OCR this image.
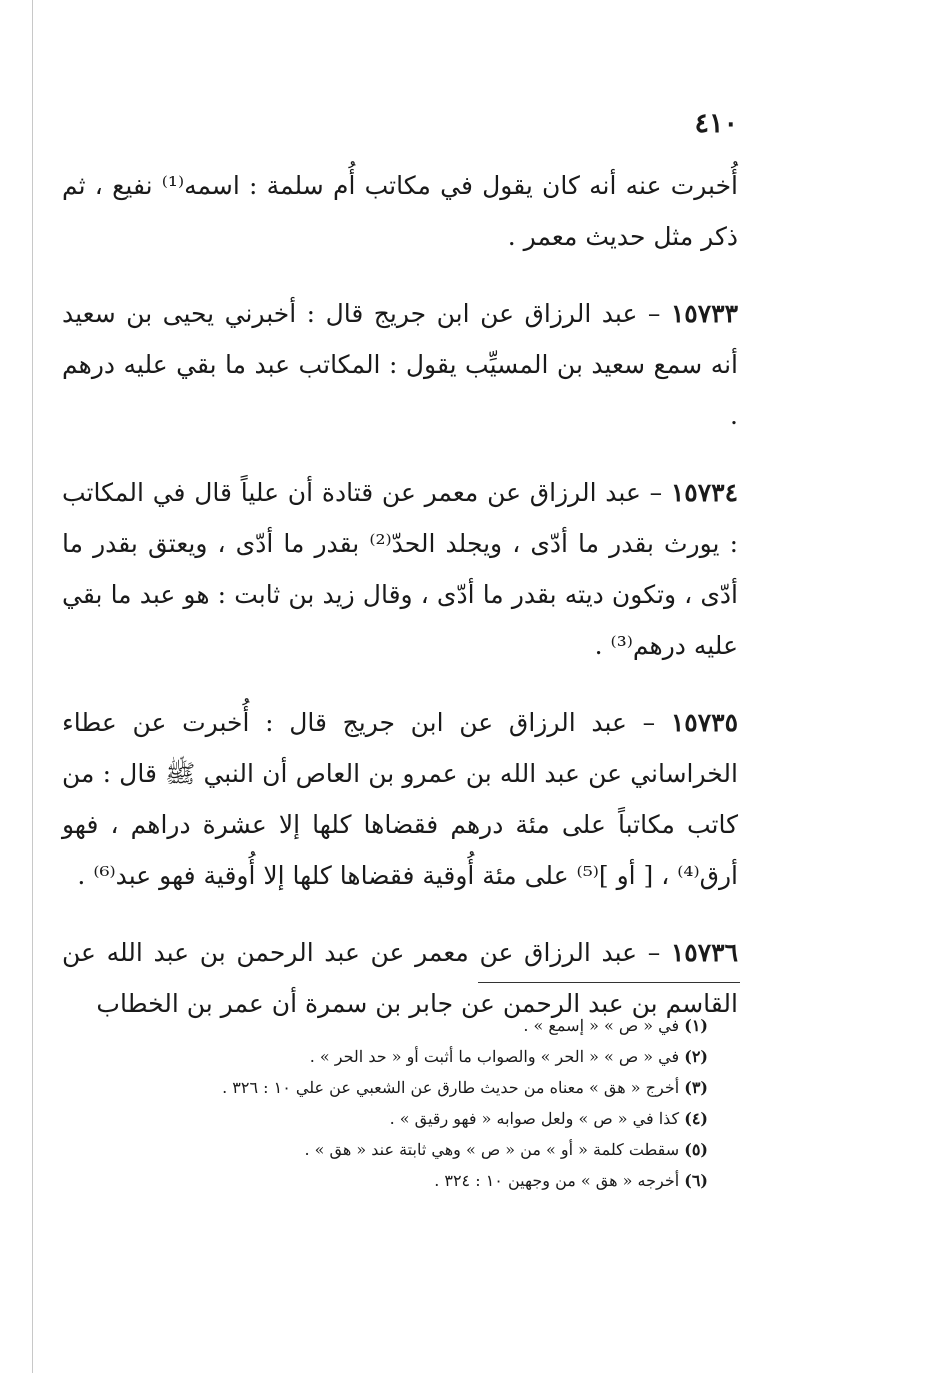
٤١٠

أُخبرت عنه أنه كان يقول في مكاتب أُم سلمة : اسمه⁽¹⁾ نفيع ، ثم ذكر مثل حديث معمر .

١٥٧٣٣ – عبد الرزاق عن ابن جريج قال : أخبرني يحيى بن سعيد أنه سمع سعيد بن المسيِّب يقول : المكاتب عبد ما بقي عليه درهم .

١٥٧٣٤ – عبد الرزاق عن معمر عن قتادة أن علياً قال في المكاتب : يورث بقدر ما أدّى ، ويجلد الحدّ⁽²⁾ بقدر ما أدّى ، ويعتق بقدر ما أدّى ، وتكون ديته بقدر ما أدّى ، وقال زيد بن ثابت : هو عبد ما بقي عليه درهم⁽³⁾ .

١٥٧٣٥ – عبد الرزاق عن ابن جريج قال : أُخبرت عن عطاء الخراساني عن عبد الله بن عمرو بن العاص أن النبي ﷺ قال : من كاتب مكاتباً على مئة درهم فقضاها كلها إلا عشرة دراهم ، فهو أرق⁽⁴⁾ ، [ أو ]⁽⁵⁾ على مئة أُوقية فقضاها كلها إلا أُوقية فهو عبد⁽⁶⁾ .

١٥٧٣٦ – عبد الرزاق عن معمر عن عبد الرحمن بن عبد الله عن القاسم بن عبد الرحمن عن جابر بن سمرة أن عمر بن الخطاب

(١) في « ص » « إسمع » .

(٢) في « ص » « الحر » والصواب ما أثبت أو « حد الحر » .

(٣) أخرج « هق » معناه من حديث طارق عن الشعبي عن علي ١٠ : ٣٢٦ .

(٤) كذا في « ص » ولعل صوابه « فهو رقيق » .

(٥) سقطت كلمة « أو » من « ص » وهي ثابتة عند « هق » .

(٦) أخرجه « هق » من وجهين ١٠ : ٣٢٤ .
